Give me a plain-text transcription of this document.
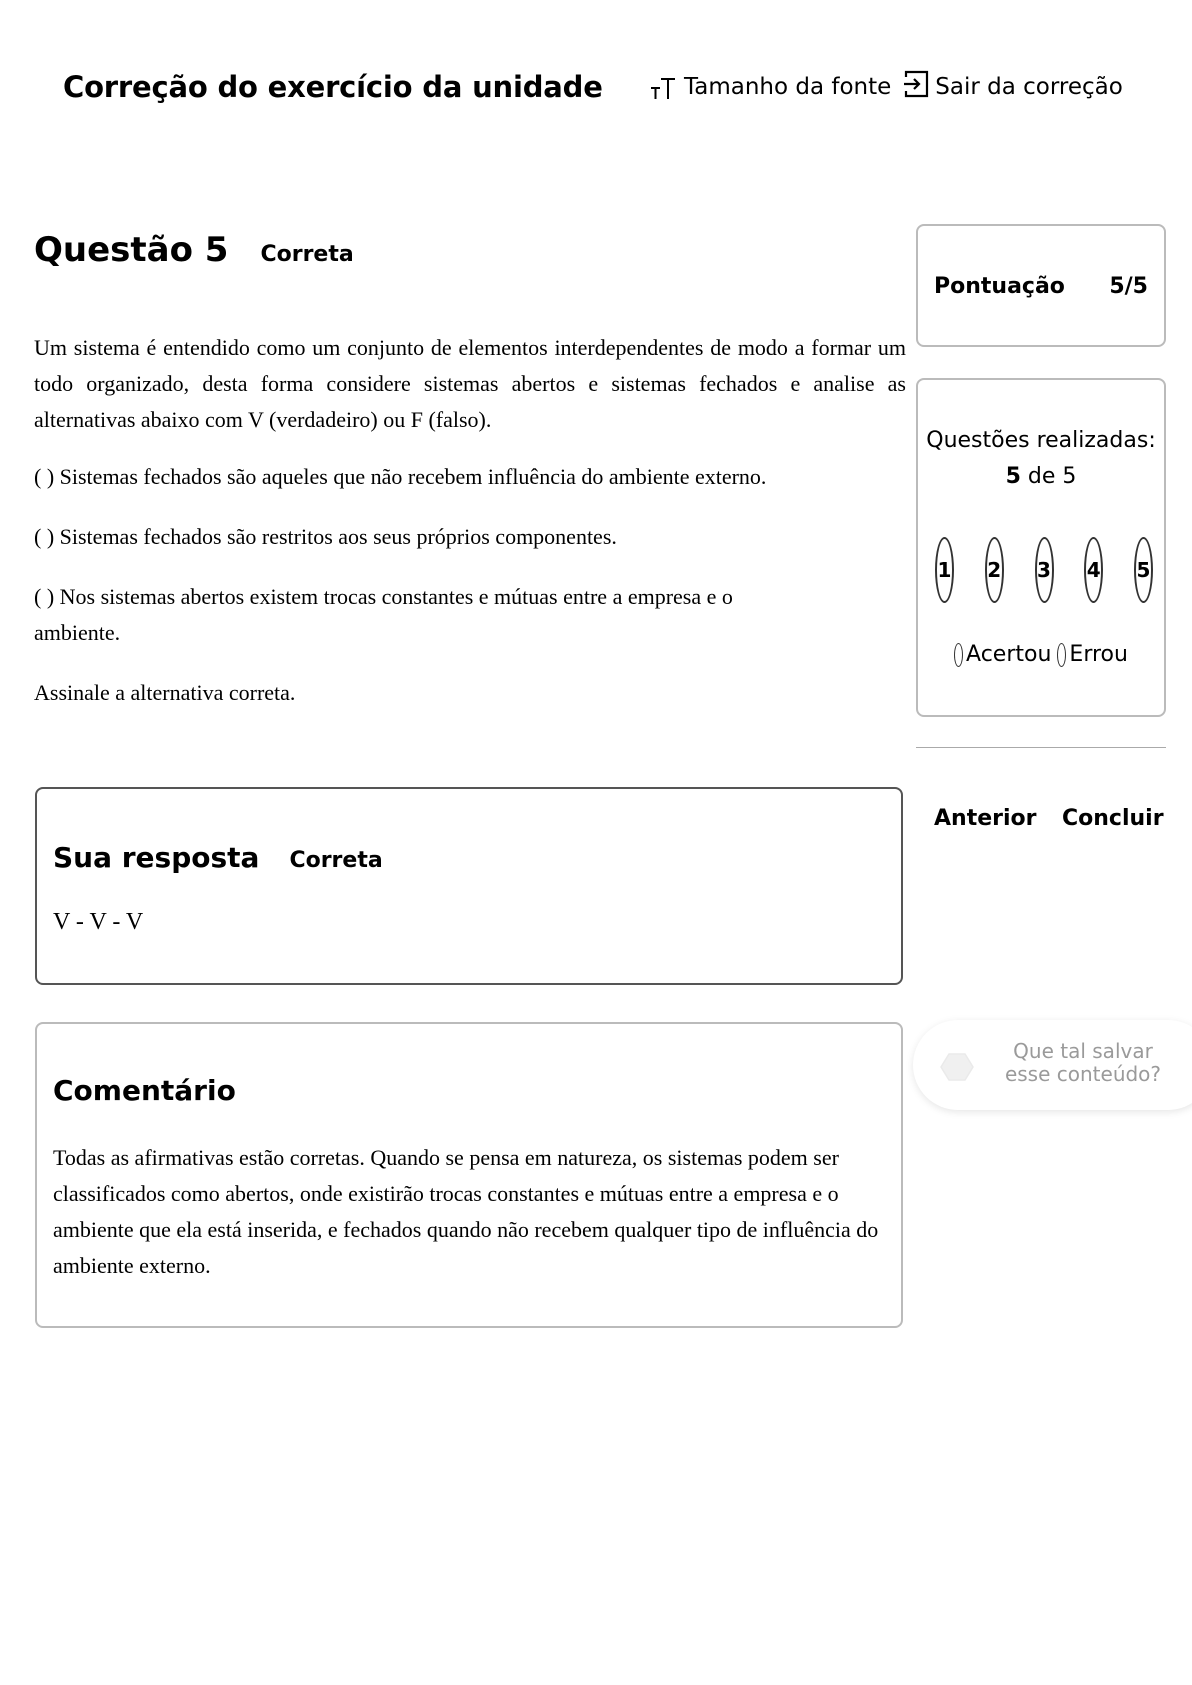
Correção do exercício da unidade	Tamanho da fonte Sair da correção
Questão 5 Correta
Um sistema é entendido como um conjunto de elementos interdependentes de modo a formar um todo organizado, desta forma considere sistemas abertos e sistemas fechados e analise as alternativas abaixo com V (verdadeiro) ou F (falso).
( ) Sistemas fechados são aqueles que não recebem influência do ambiente externo.
( ) Sistemas fechados são restritos aos seus próprios componentes.
( ) Nos sistemas abertos existem trocas constantes e mútuas entre a empresa e o ambiente.
Assinale a alternativa correta.
Sua resposta Correta
V - V - V
Comentário
Todas as afirmativas estão corretas. Quando se pensa em natureza, os sistemas podem ser classificados como abertos, onde existirão trocas constantes e mútuas entre a empresa e o ambiente que ela está inserida, e fechados quando não recebem qualquer tipo de influência do ambiente externo.
Pontuação 5/5
Questões realizadas:
5 de 5
1 2 3 4 5
Acertou Errou
Anterior Concluir
Que tal salvar
esse conteúdo?
